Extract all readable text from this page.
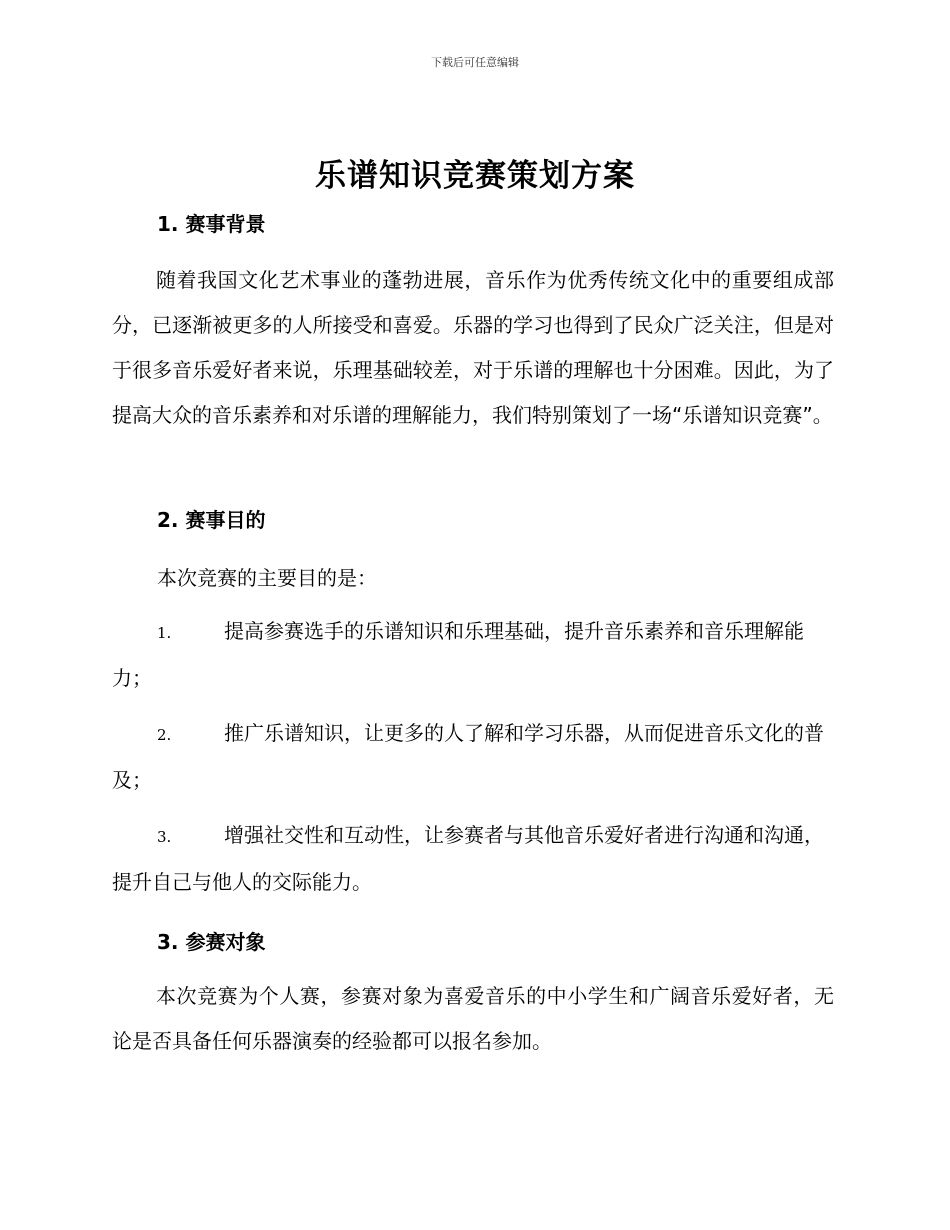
下载后可任意编辑
乐谱知识竞赛策划方案
1. 赛事背景

随着我国文化艺术事业的蓬勃进展，音乐作为优秀传统文化中的重要组成部分，已逐渐被更多的人所接受和喜爱。乐器的学习也得到了民众广泛关注，但是对于很多音乐爱好者来说，乐理基础较差，对于乐谱的理解也十分困难。因此，为了提高大众的音乐素养和对乐谱的理解能力，我们特别策划了一场“乐谱知识竞赛”。

2. 赛事目的
本次竞赛的主要目的是：
1.	提高参赛选手的乐谱知识和乐理基础，提升音乐素养和音乐理解能力；
2.	推广乐谱知识，让更多的人了解和学习乐器，从而促进音乐文化的普及；
3.	增强社交性和互动性，让参赛者与其他音乐爱好者进行沟通和沟通，提升自己与他人的交际能力。
3. 参赛对象

本次竞赛为个人赛，参赛对象为喜爱音乐的中小学生和广阔音乐爱好者，无论是否具备任何乐器演奏的经验都可以报名参加。
